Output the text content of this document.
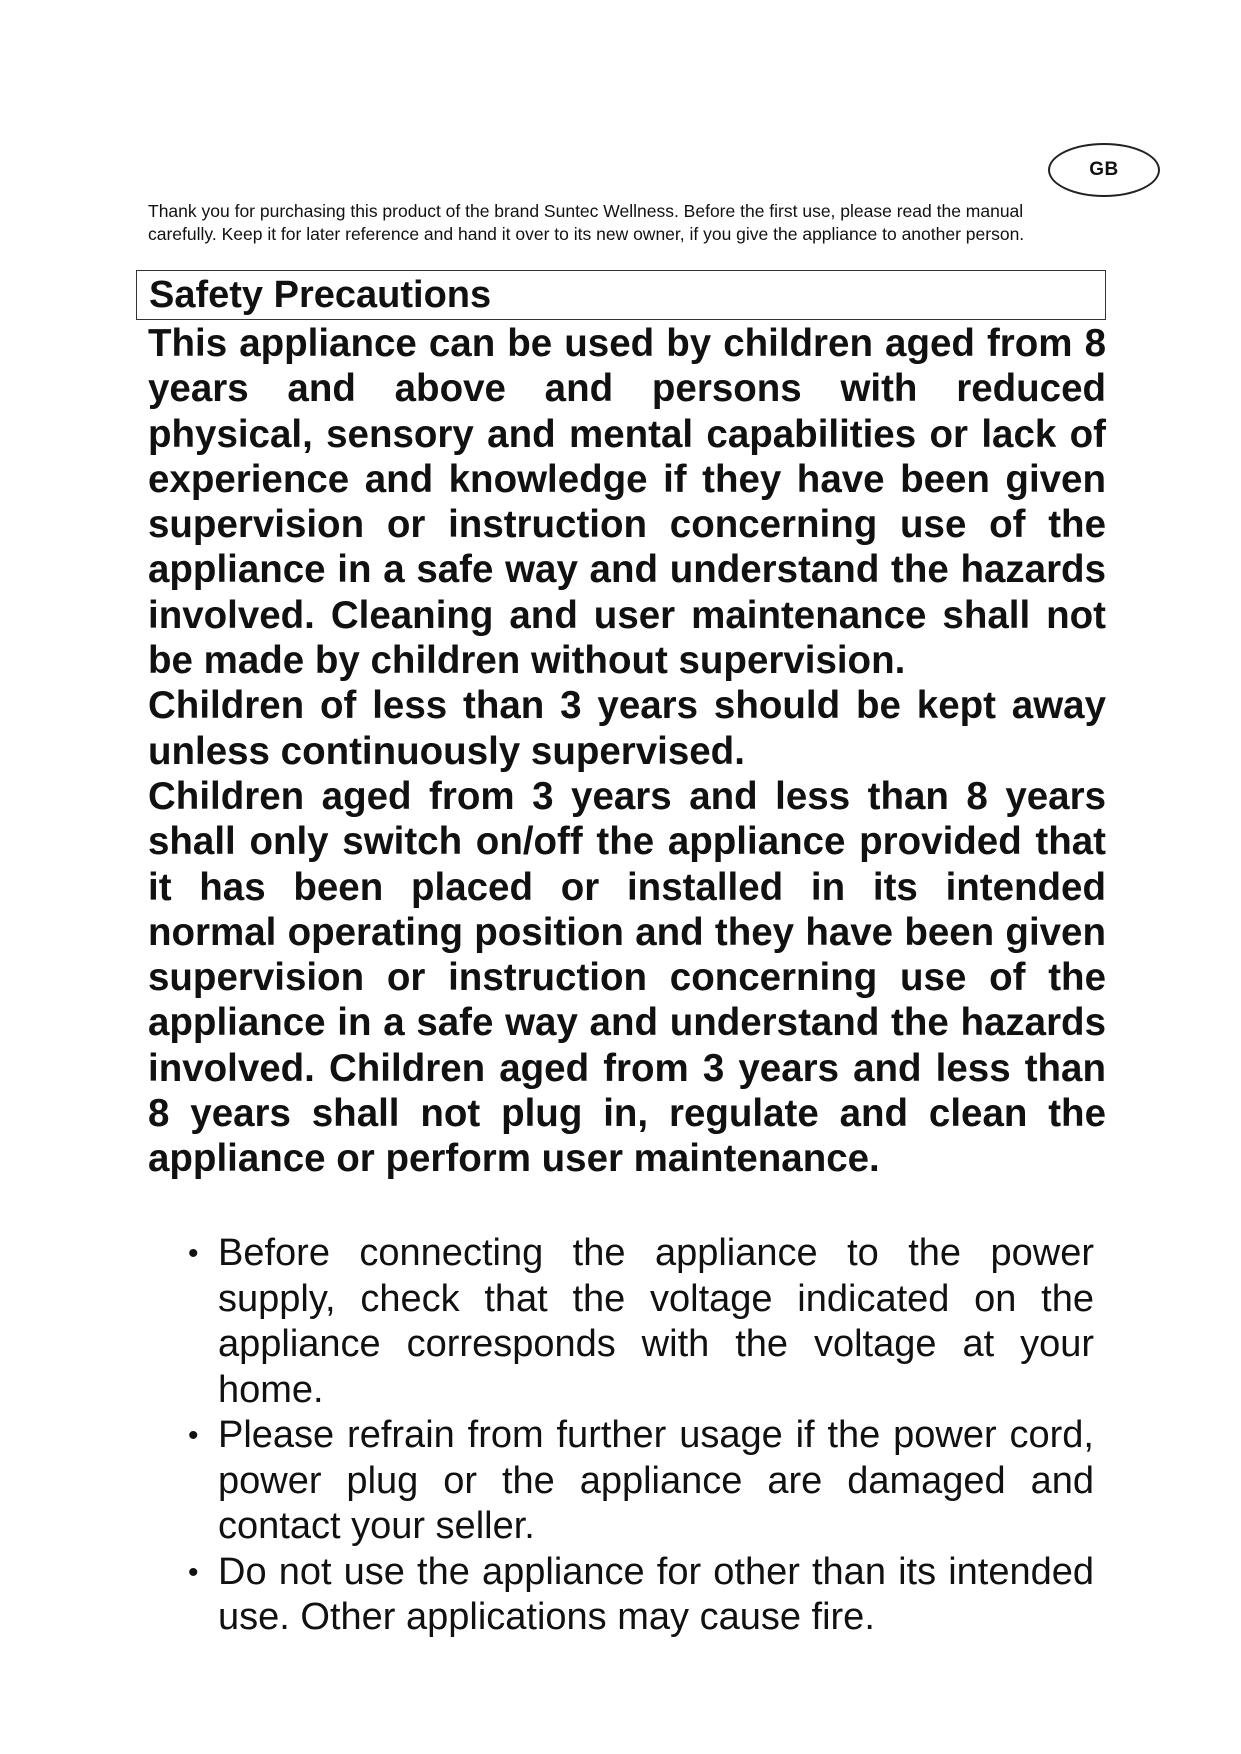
GB

Thank you for purchasing this product of the brand Suntec Wellness. Before the first use, please read the manual carefully. Keep it for later reference and hand it over to its new owner, if you give the appliance to another person.

Safety Precautions

This appliance can be used by children aged from 8 years and above and persons with reduced physical, sensory and mental capabilities or lack of experience and knowledge if they have been given supervision or instruction concerning use of the appliance in a safe way and understand the hazards involved. Cleaning and user maintenance shall not be made by children without supervision.

Children of less than 3 years should be kept away unless continuously supervised.

Children aged from 3 years and less than 8 years shall only switch on/off the appliance provided that it has been placed or installed in its intended normal operating position and they have been given supervision or instruction concerning use of the appliance in a safe way and understand the hazards involved. Children aged from 3 years and less than 8 years shall not plug in, regulate and clean the appliance or perform user maintenance.

• Before connecting the appliance to the power supply, check that the voltage indicated on the appliance corresponds with the voltage at your home.
• Please refrain from further usage if the power cord, power plug or the appliance are damaged and contact your seller.
• Do not use the appliance for other than its intended use. Other applications may cause fire.
